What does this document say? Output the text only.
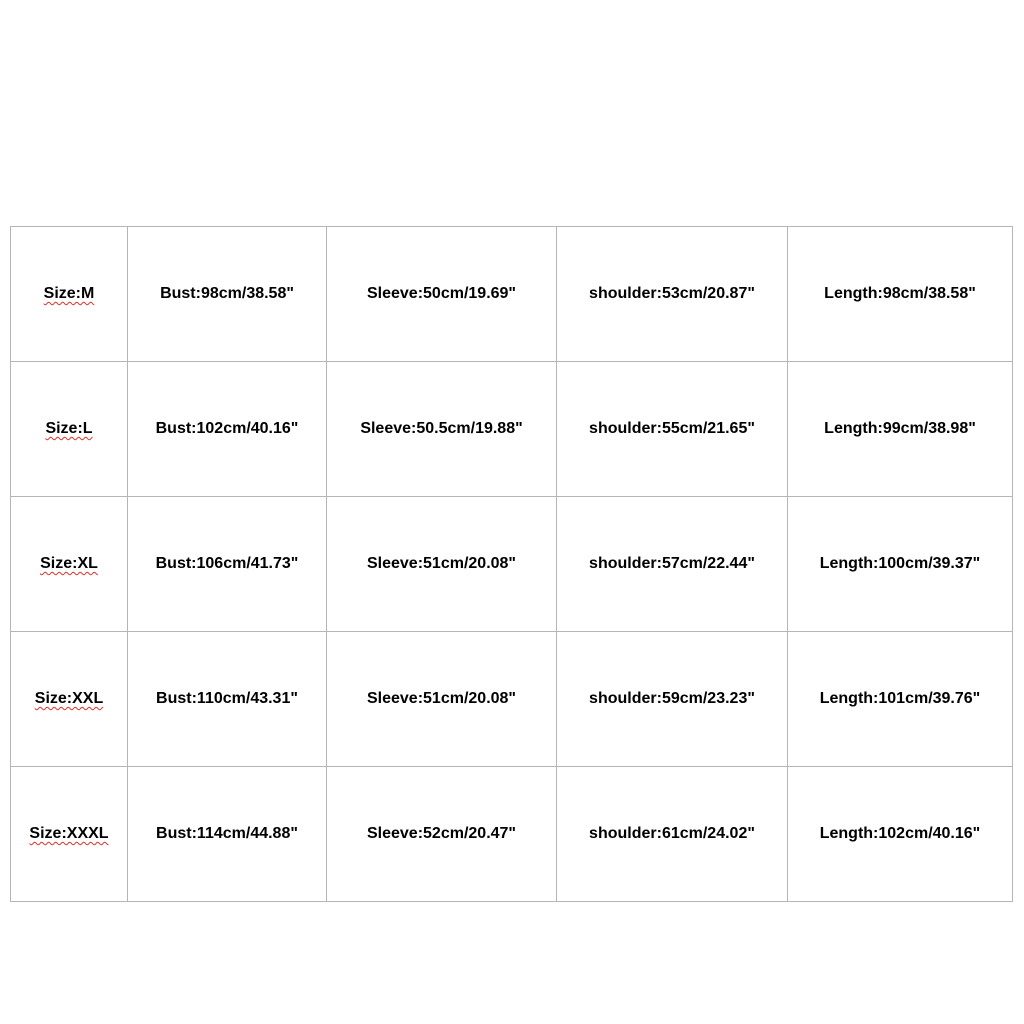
Size:M	Bust:98cm/38.58"	Sleeve:50cm/19.69"	shoulder:53cm/20.87"	Length:98cm/38.58"
Size:L	Bust:102cm/40.16"	Sleeve:50.5cm/19.88"	shoulder:55cm/21.65"	Length:99cm/38.98"
Size:XL	Bust:106cm/41.73"	Sleeve:51cm/20.08"	shoulder:57cm/22.44"	Length:100cm/39.37"
Size:XXL	Bust:110cm/43.31"	Sleeve:51cm/20.08"	shoulder:59cm/23.23"	Length:101cm/39.76"
Size:XXXL	Bust:114cm/44.88"	Sleeve:52cm/20.47"	shoulder:61cm/24.02"	Length:102cm/40.16"
